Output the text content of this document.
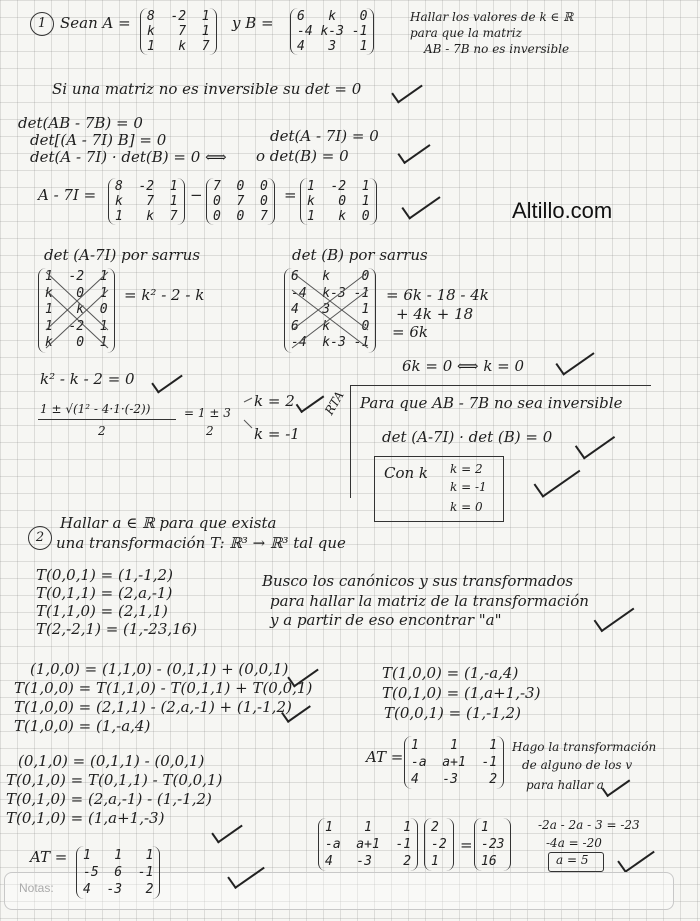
Altillo.com
1 Sean A =	8  -2  1
k   7  1
1   k  7
y B =	6   k   0
-4 k-3 -1
4   3   1
Hallar los valores de k ∈ ℝ
para que la matriz
AB - 7B no es inversible
Si una matriz no es inversible su det = 0
det(AB - 7B) = 0
det[(A - 7I) B] = 0
det(A - 7I) · det(B) = 0 ⟺
det(A - 7I) = 0
o det(B) = 0
A - 7I =	8  -2  1
k   7  1
1   k  7
− 7  0  0
0  7  0
0  0  7
= 1  -2  1
k   0  1
1   k  0
det (A-7I) por sarrus
1  -2  1
k   0  1
1   k  0
1  -2  1
k   0  1
= k² - 2 - k
det (B) por sarrus
6   k    0
-4  k-3 -1
4   3    1
6   k    0
-4  k-3 -1
= 6k - 18 - 4k
+ 4k + 18
= 6k
6k = 0 ⟺ k = 0
k² - k - 2 = 0
1 ± √(1² - 4·1·(-2))
2
= 1 ± 3
2
k = 2
k = -1
RTA Para que AB - 7B no sea inversible
det (A-7I) · det (B) = 0
Con k k = 2
k = -1
k = 0
2
Hallar a ∈ ℝ para que exista
una transformación T: ℝ³ → ℝ³ tal que
T(0,0,1) = (1,-1,2)
T(0,1,1) = (2,a,-1)
T(1,1,0) = (2,1,1)
T(2,-2,1) = (1,-23,16)
Busco los canónicos y sus transformados
para hallar la matriz de la transformación
y a partir de eso encontrar "a"
(1,0,0) = (1,1,0) - (0,1,1) + (0,0,1)
T(1,0,0) = T(1,1,0) - T(0,1,1) + T(0,0,1)
T(1,0,0) = (2,1,1) - (2,a,-1) + (1,-1,2)
T(1,0,0) = (1,-a,4)
T(1,0,0) = (1,-a,4)
T(0,1,0) = (1,a+1,-3)
T(0,0,1) = (1,-1,2)
(0,1,0) = (0,1,1) - (0,0,1)
T(0,1,0) = T(0,1,1) - T(0,0,1)
T(0,1,0) = (2,a,-1) - (1,-1,2)
T(0,1,0) = (1,a+1,-3)
AT =
1    1    1
-a  a+1  -1
4   -3    2
Hago la transformación
de alguno de los v
para hallar a
1    1    1
-a  a+1  -1
4   -3    2
2
-2
1
=
1
-23
16
-2a - 2a - 3 = -23
-4a = -20
a = 5
Notas:
AT =	1   1   1
-5  6  -1
4  -3   2
